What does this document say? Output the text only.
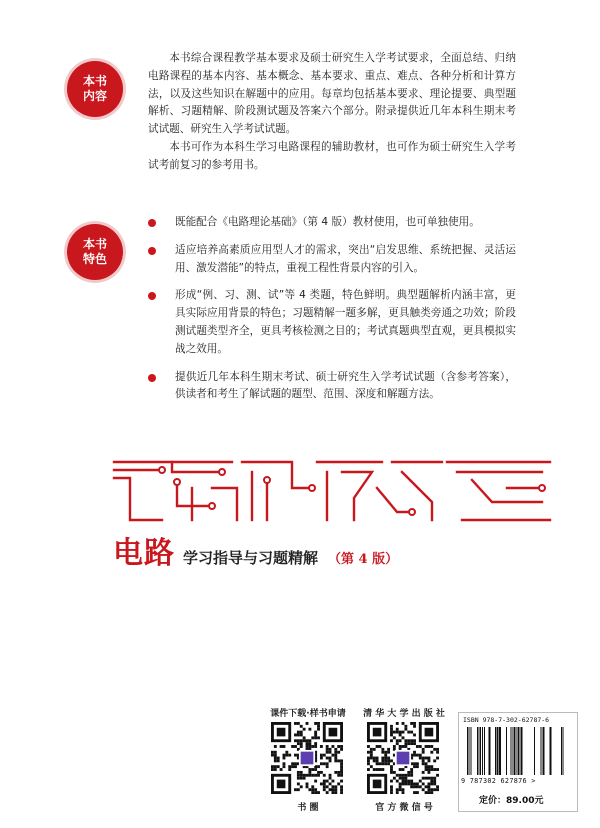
本书
内容
本书
特色

本书综合课程教学基本要求及硕士研究生入学考试要求，全面总结、归纳电路课程的基本内容、基本概念、基本要求、重点、难点、各种分析和计算方法，以及这些知识在解题中的应用。每章均包括基本要求、理论提要、典型题解析、习题精解、阶段测试题及答案六个部分。附录提供近几年本科生期末考试试题、研究生入学考试试题。

本书可作为本科生学习电路课程的辅助教材，也可作为硕士研究生入学考试考前复习的参考用书。

既能配合《电路理论基础》（第 4 版）教材使用，也可单独使用。
适应培养高素质应用型人才的需求，突出“启发思维、系统把握、灵活运用、激发潜能”的特点，重视工程性背景内容的引入。
形成“例、习、测、试”等 4 类题，特色鲜明。典型题解析内涵丰富，更具实际应用背景的特色；习题精解一题多解，更具触类旁通之功效；阶段测试题类型齐全，更具考核检测之目的；考试真题典型直观，更具模拟实战之效用。
提供近几年本科生期末考试、硕士研究生入学考试试题（含参考答案），供读者和考生了解试题的题型、范围、深度和解题方法。
电路 学习指导与习题精解 （第 4 版）
课件下载·样书申请
书 圈
清 华 大 学 出 版 社
官 方 微 信 号
ISBN 978-7-302-62787-6
9 787302 627876 >
定价：89.00元
